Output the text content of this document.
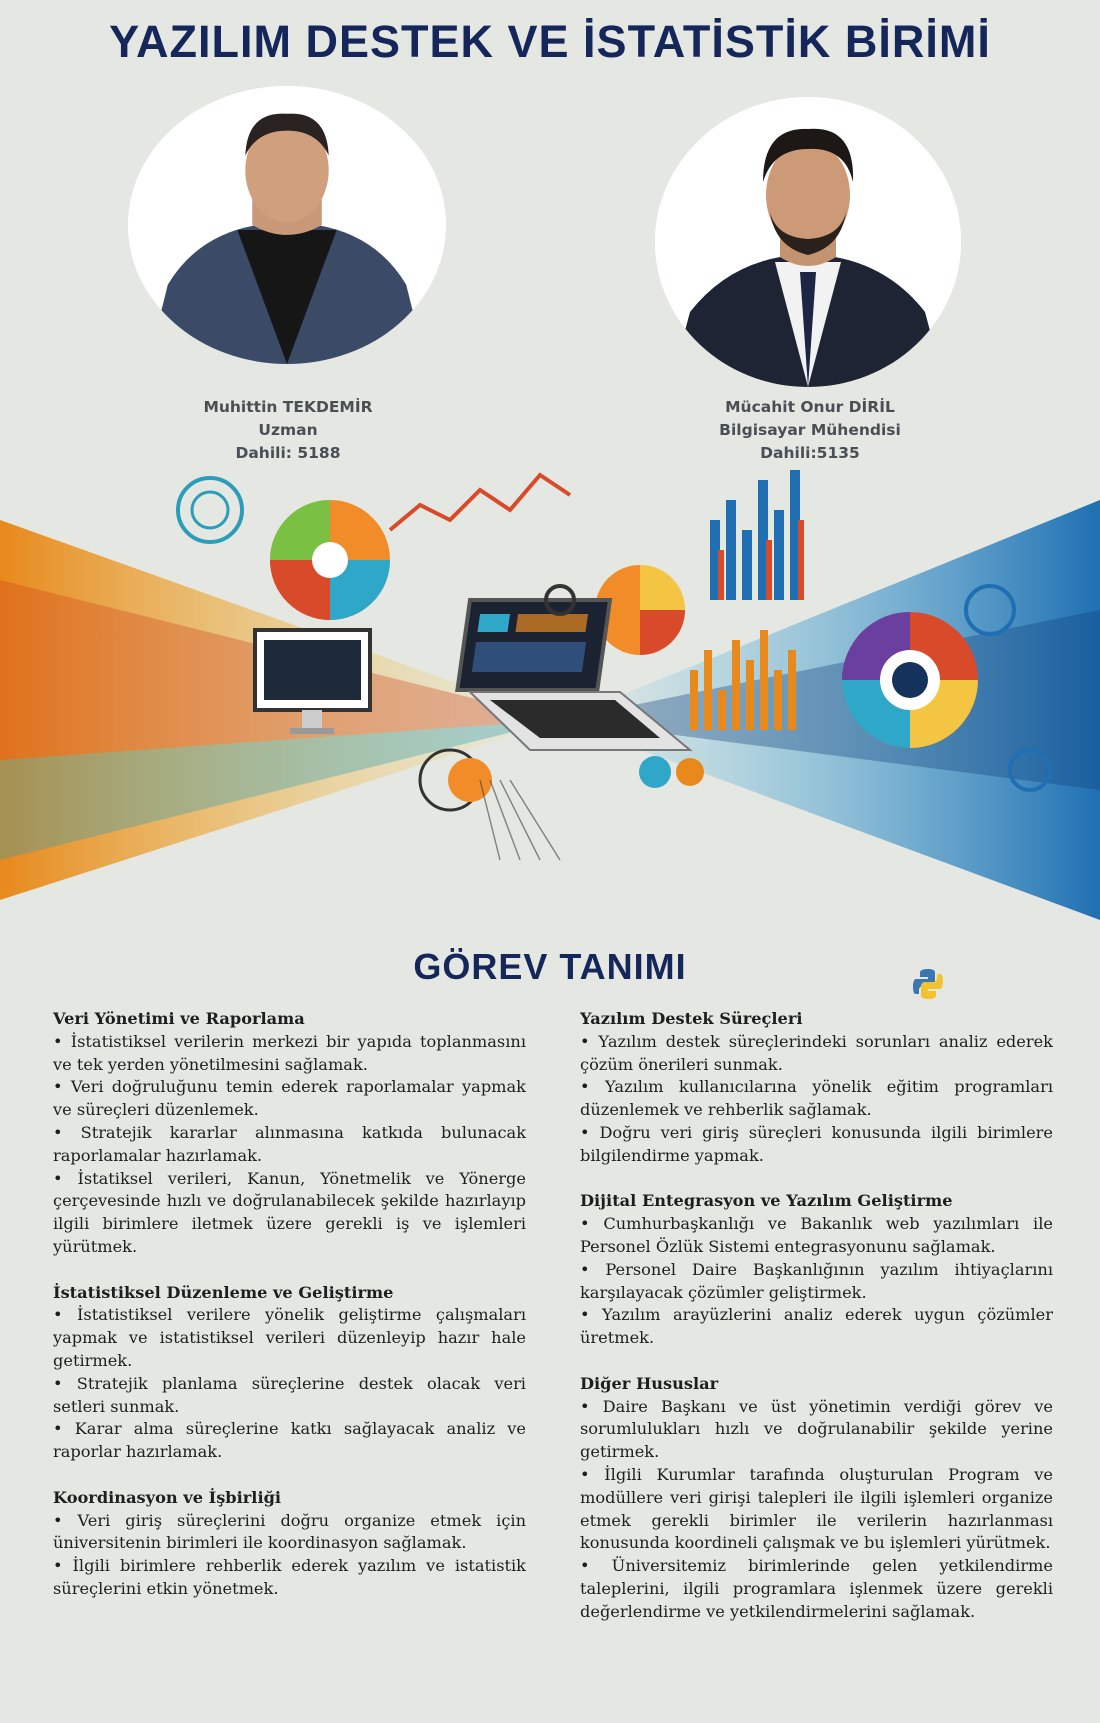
YAZILIM DESTEK VE İSTATİSTİK BİRİMİ
Muhittin TEKDEMİR
Uzman
Dahili: 5188
Mücahit Onur DİRİL
Bilgisayar Mühendisi
Dahili:5135
GÖREV TANIMI
Veri Yönetimi ve Raporlama

• İstatistiksel verilerin merkezi bir yapıda toplanmasını ve tek yerden yönetilmesini sağlamak.

• Veri doğruluğunu temin ederek raporlamalar yapmak ve süreçleri düzenlemek.

• Stratejik kararlar alınmasına katkıda bulunacak raporlamalar hazırlamak.

• İstatiksel verileri, Kanun, Yönetmelik ve Yönerge çerçevesinde hızlı ve doğrulanabilecek şekilde hazırlayıp ilgili birimlere iletmek üzere gerekli iş ve işlemleri yürütmek.

İstatistiksel Düzenleme ve Geliştirme

• İstatistiksel verilere yönelik geliştirme çalışmaları yapmak ve istatistiksel verileri düzenleyip hazır hale getirmek.

• Stratejik planlama süreçlerine destek olacak veri setleri sunmak.

• Karar alma süreçlerine katkı sağlayacak analiz ve raporlar hazırlamak.

Koordinasyon ve İşbirliği

• Veri giriş süreçlerini doğru organize etmek için üniversitenin birimleri ile koordinasyon sağlamak.

• İlgili birimlere rehberlik ederek yazılım ve istatistik süreçlerini etkin yönetmek.

Yazılım Destek Süreçleri

• Yazılım destek süreçlerindeki sorunları analiz ederek çözüm önerileri sunmak.

• Yazılım kullanıcılarına yönelik eğitim programları düzenlemek ve rehberlik sağlamak.

• Doğru veri giriş süreçleri konusunda ilgili birimlere bilgilendirme yapmak.

Dijital Entegrasyon ve Yazılım Geliştirme

• Cumhurbaşkanlığı ve Bakanlık web yazılımları ile Personel Özlük Sistemi entegrasyonunu sağlamak.

• Personel Daire Başkanlığının yazılım ihtiyaçlarını karşılayacak çözümler geliştirmek.

• Yazılım arayüzlerini analiz ederek uygun çözümler üretmek.

Diğer Hususlar

• Daire Başkanı ve üst yönetimin verdiği görev ve sorumlulukları hızlı ve doğrulanabilir şekilde yerine getirmek.

• İlgili Kurumlar tarafında oluşturulan Program ve modüllere veri girişi talepleri ile ilgili işlemleri organize etmek gerekli birimler ile verilerin hazırlanması konusunda koordineli çalışmak ve bu işlemleri yürütmek.

• Üniversitemiz birimlerinde gelen yetkilendirme taleplerini, ilgili programlara işlenmek üzere gerekli değerlendirme ve yetkilendirmelerini sağlamak.
